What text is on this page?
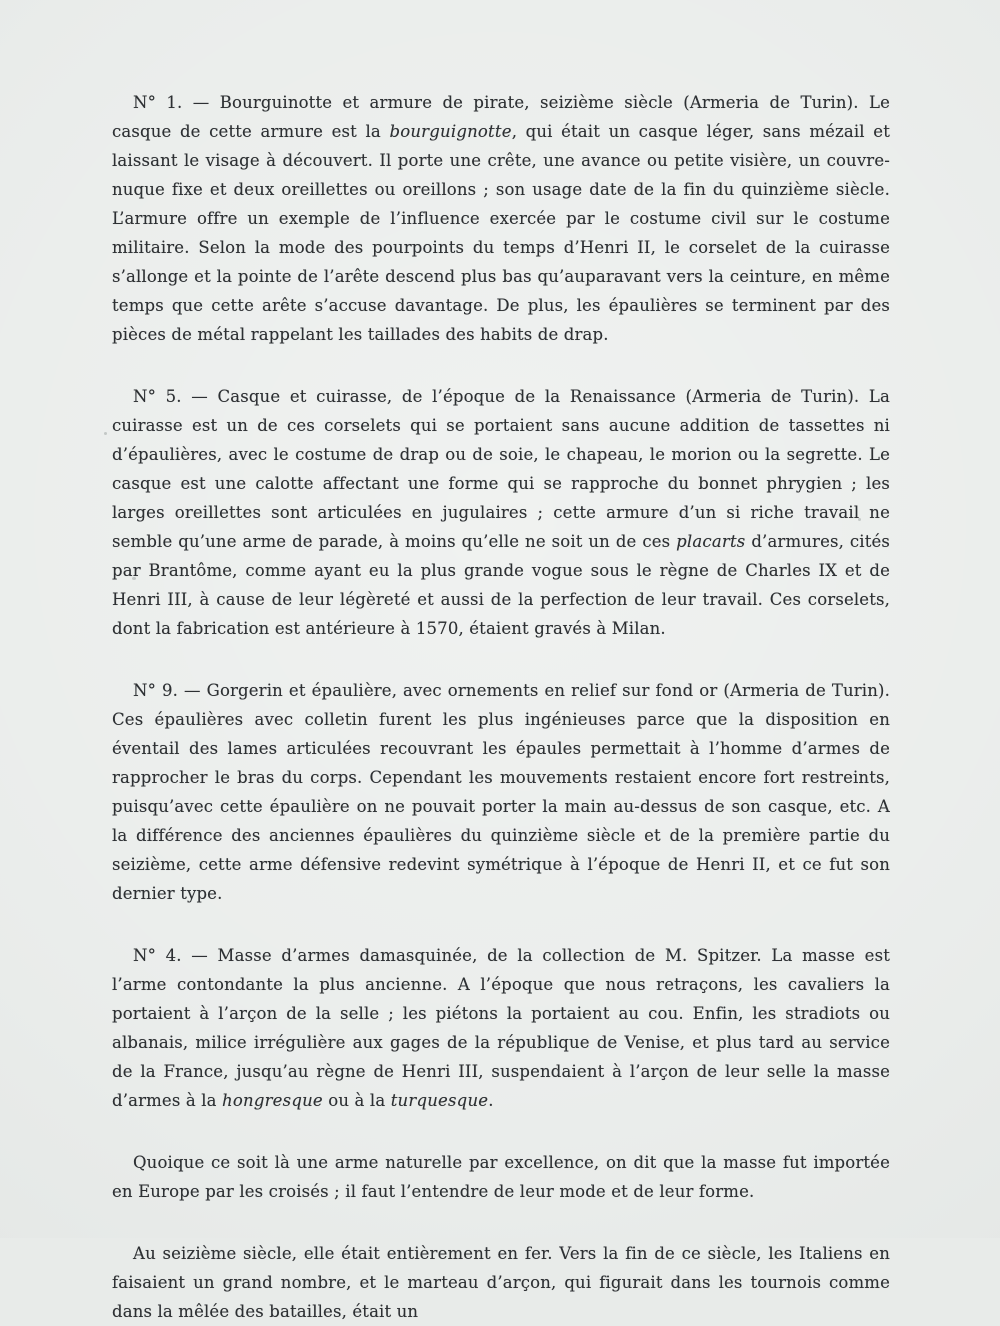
N° 1. — Bourguinotte et armure de pirate, seizième siècle (Armeria de Turin). Le casque de cette armure est la bourguignotte, qui était un casque léger, sans mézail et laissant le visage à découvert. Il porte une crête, une avance ou petite visière, un couvre-nuque fixe et deux oreillettes ou oreillons ; son usage date de la fin du quinzième siècle. L’armure offre un exemple de l’influence exercée par le costume civil sur le costume militaire. Selon la mode des pourpoints du temps d’Henri II, le corselet de la cuirasse s’allonge et la pointe de l’arête descend plus bas qu’auparavant vers la ceinture, en même temps que cette arête s’accuse davantage. De plus, les épaulières se terminent par des pièces de métal rappelant les taillades des habits de drap.

N° 5. — Casque et cuirasse, de l’époque de la Renaissance (Armeria de Turin). La cuirasse est un de ces corselets qui se portaient sans aucune addition de tassettes ni d’épaulières, avec le costume de drap ou de soie, le chapeau, le morion ou la segrette. Le casque est une calotte affectant une forme qui se rapproche du bonnet phrygien ; les larges oreillettes sont articulées en jugulaires ; cette armure d’un si riche travail ne semble qu’une arme de parade, à moins qu’elle ne soit un de ces placarts d’armures, cités par Brantôme, comme ayant eu la plus grande vogue sous le règne de Charles IX et de Henri III, à cause de leur légèreté et aussi de la perfection de leur travail. Ces corselets, dont la fabrication est antérieure à 1570, étaient gravés à Milan.

N° 9. — Gorgerin et épaulière, avec ornements en relief sur fond or (Armeria de Turin). Ces épaulières avec colletin furent les plus ingénieuses parce que la disposition en éventail des lames articulées recouvrant les épaules permettait à l’homme d’armes de rapprocher le bras du corps. Cependant les mouvements restaient encore fort restreints, puisqu’avec cette épaulière on ne pouvait porter la main au-dessus de son casque, etc. A la différence des anciennes épaulières du quinzième siècle et de la première partie du seizième, cette arme défensive redevint symétrique à l’époque de Henri II, et ce fut son dernier type.

N° 4. — Masse d’armes damasquinée, de la collection de M. Spitzer. La masse est l’arme contondante la plus ancienne. A l’époque que nous retraçons, les cavaliers la portaient à l’arçon de la selle ; les piétons la portaient au cou. Enfin, les stradiots ou albanais, milice irrégulière aux gages de la république de Venise, et plus tard au service de la France, jusqu’au règne de Henri III, suspendaient à l’arçon de leur selle la masse d’armes à la hongresque ou à la turquesque.

Quoique ce soit là une arme naturelle par excellence, on dit que la masse fut importée en Europe par les croisés ; il faut l’entendre de leur mode et de leur forme.

Au seizième siècle, elle était entièrement en fer. Vers la fin de ce siècle, les Italiens en faisaient un grand nombre, et le marteau d’arçon, qui figurait dans les tournois comme dans la mêlée des batailles, était un
